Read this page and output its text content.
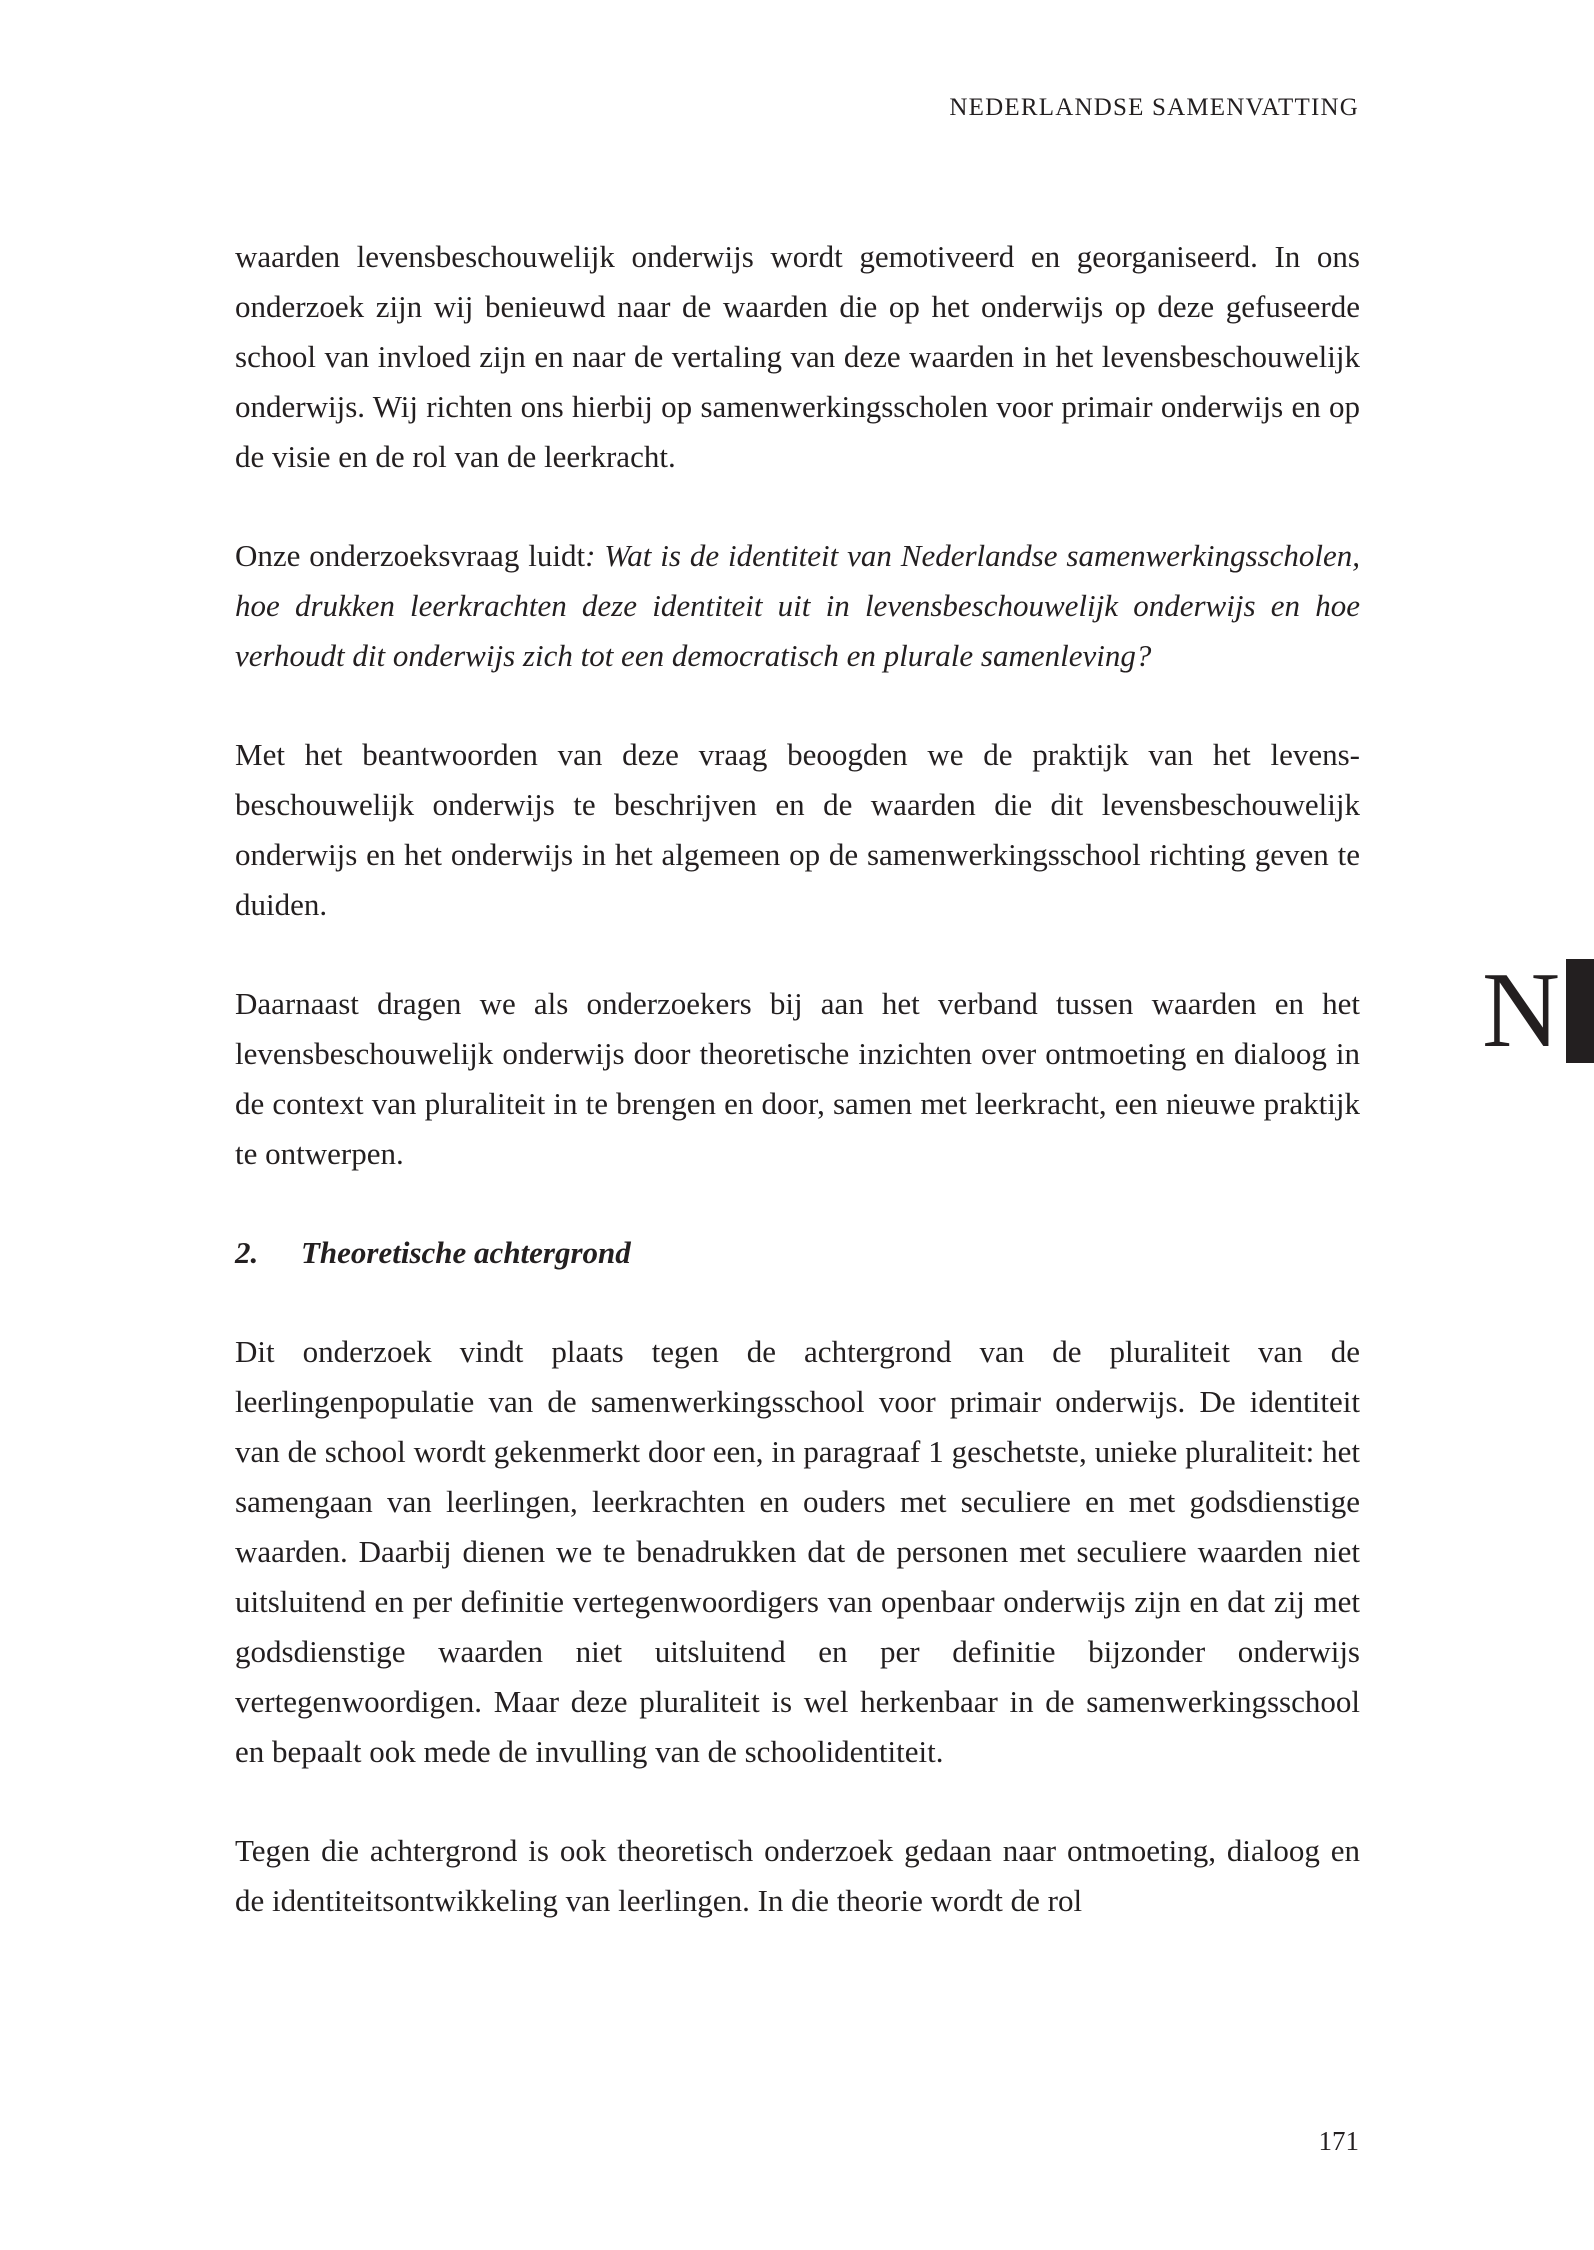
NEDERLANDSE SAMENVATTING
N

waarden levensbeschouwelijk onderwijs wordt gemotiveerd en georganiseerd. In ons onderzoek zijn wij benieuwd naar de waarden die op het onderwijs op deze gefuseerde school van invloed zijn en naar de vertaling van deze waarden in het levensbeschouwelijk onderwijs. Wij richten ons hierbij op samenwerkingsscholen voor primair onderwijs en op de visie en de rol van de leerkracht.

Onze onderzoeksvraag luidt: Wat is de identiteit van Nederlandse samenwerkingsscholen, hoe drukken leerkrachten deze identiteit uit in levensbeschouwelijk onderwijs en hoe verhoudt dit onderwijs zich tot een democratisch en plurale samenleving?

Met het beantwoorden van deze vraag beoogden we de praktijk van het levens-beschouwelijk onderwijs te beschrijven en de waarden die dit levensbeschouwelijk onderwijs en het onderwijs in het algemeen op de samenwerkingsschool richting geven te duiden.

Daarnaast dragen we als onderzoekers bij aan het verband tussen waarden en het levensbeschouwelijk onderwijs door theoretische inzichten over ontmoeting en dialoog in de context van pluraliteit in te brengen en door, samen met leerkracht, een nieuwe praktijk te ontwerpen.

2.	Theoretische achtergrond

Dit onderzoek vindt plaats tegen de achtergrond van de pluraliteit van de leerlingenpopulatie van de samenwerkingsschool voor primair onderwijs. De identiteit van de school wordt gekenmerkt door een, in paragraaf 1 geschetste, unieke pluraliteit: het samengaan van leerlingen, leerkrachten en ouders met seculiere en met godsdienstige waarden. Daarbij dienen we te benadrukken dat de personen met seculiere waarden niet uitsluitend en per definitie vertegenwoordigers van openbaar onderwijs zijn en dat zij met godsdienstige waarden niet uitsluitend en per definitie bijzonder onderwijs vertegenwoordigen. Maar deze pluraliteit is wel herkenbaar in de samenwerkingsschool en bepaalt ook mede de invulling van de schoolidentiteit.

Tegen die achtergrond is ook theoretisch onderzoek gedaan naar ontmoeting, dialoog en de identiteitsontwikkeling van leerlingen. In die theorie wordt de rol

171
